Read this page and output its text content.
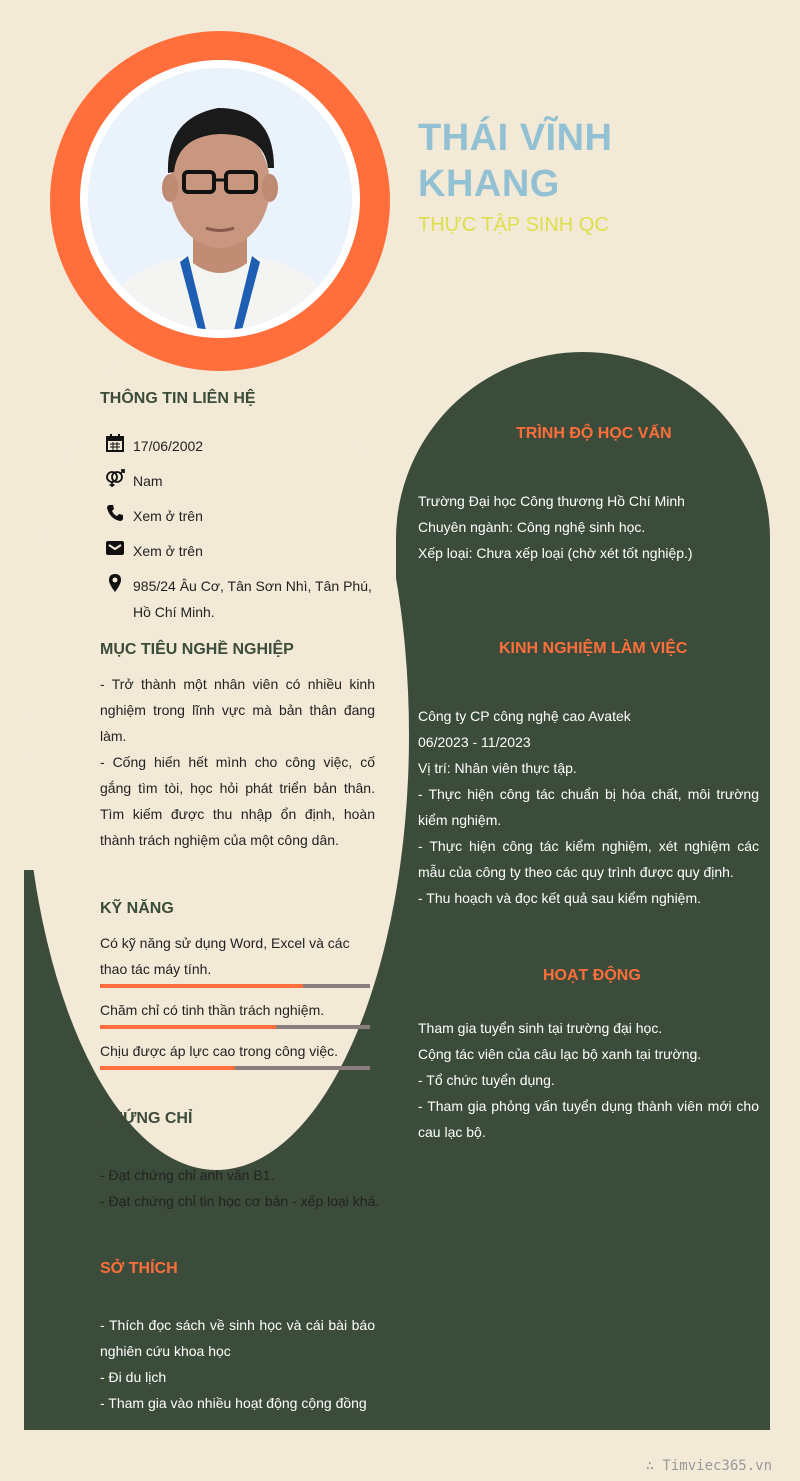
THÁI VĨNH
KHANG
THỰC TẬP SINH QC
THÔNG TIN LIÊN HỆ
17/06/2002
Nam
Xem ở trên
Xem ở trên
985/24 Âu Cơ, Tân Sơn Nhì, Tân Phú, Hồ Chí Minh.
MỤC TIÊU NGHỀ NGHIỆP

- Trở thành một nhân viên có nhiều kinh nghiệm trong lĩnh vực mà bản thân đang làm.

- Cống hiến hết mình cho công việc, cố gắng tìm tòi, học hỏi phát triển bản thân. Tìm kiếm được thu nhập ổn định, hoàn thành trách nghiệm của một công dân.

KỸ NĂNG
Có kỹ năng sử dụng Word, Excel và các thao tác máy tính.
Chăm chỉ có tinh thần trách nghiệm.
Chịu được áp lực cao trong công việc.
CHỨNG CHỈ

- Đạt chứng chỉ anh văn B1.

- Đạt chứng chỉ tin học cơ bản - xếp loại khá.

SỞ THÍCH

- Thích đọc sách về sinh học và cái bài báo nghiên cứu khoa học

- Đi du lịch

- Tham gia vào nhiều hoạt động cộng đồng

TRÌNH ĐỘ HỌC VẤN

Trường Đại học Công thương Hồ Chí Minh

Chuyên ngành: Công nghệ sinh học.

Xếp loại: Chưa xếp loại (chờ xét tốt nghiệp.)

KINH NGHIỆM LÀM VIỆC

Công ty CP công nghệ cao Avatek

06/2023 - 11/2023

Vị trí: Nhân viên thực tập.

- Thực hiện công tác chuẩn bị hóa chất, môi trường kiểm nghiệm.

- Thực hiện công tác kiểm nghiệm, xét nghiệm các mẫu của công ty theo các quy trình được quy định.

- Thu hoạch và đọc kết quả sau kiểm nghiệm.

HOẠT ĐỘNG

Tham gia tuyển sinh tại trường đại học.

Cộng tác viên của câu lạc bộ xanh tại trường.

- Tổ chức tuyển dụng.

- Tham gia phỏng vấn tuyển dụng thành viên mới cho cau lạc bộ.

∴ Timviec365.vn
